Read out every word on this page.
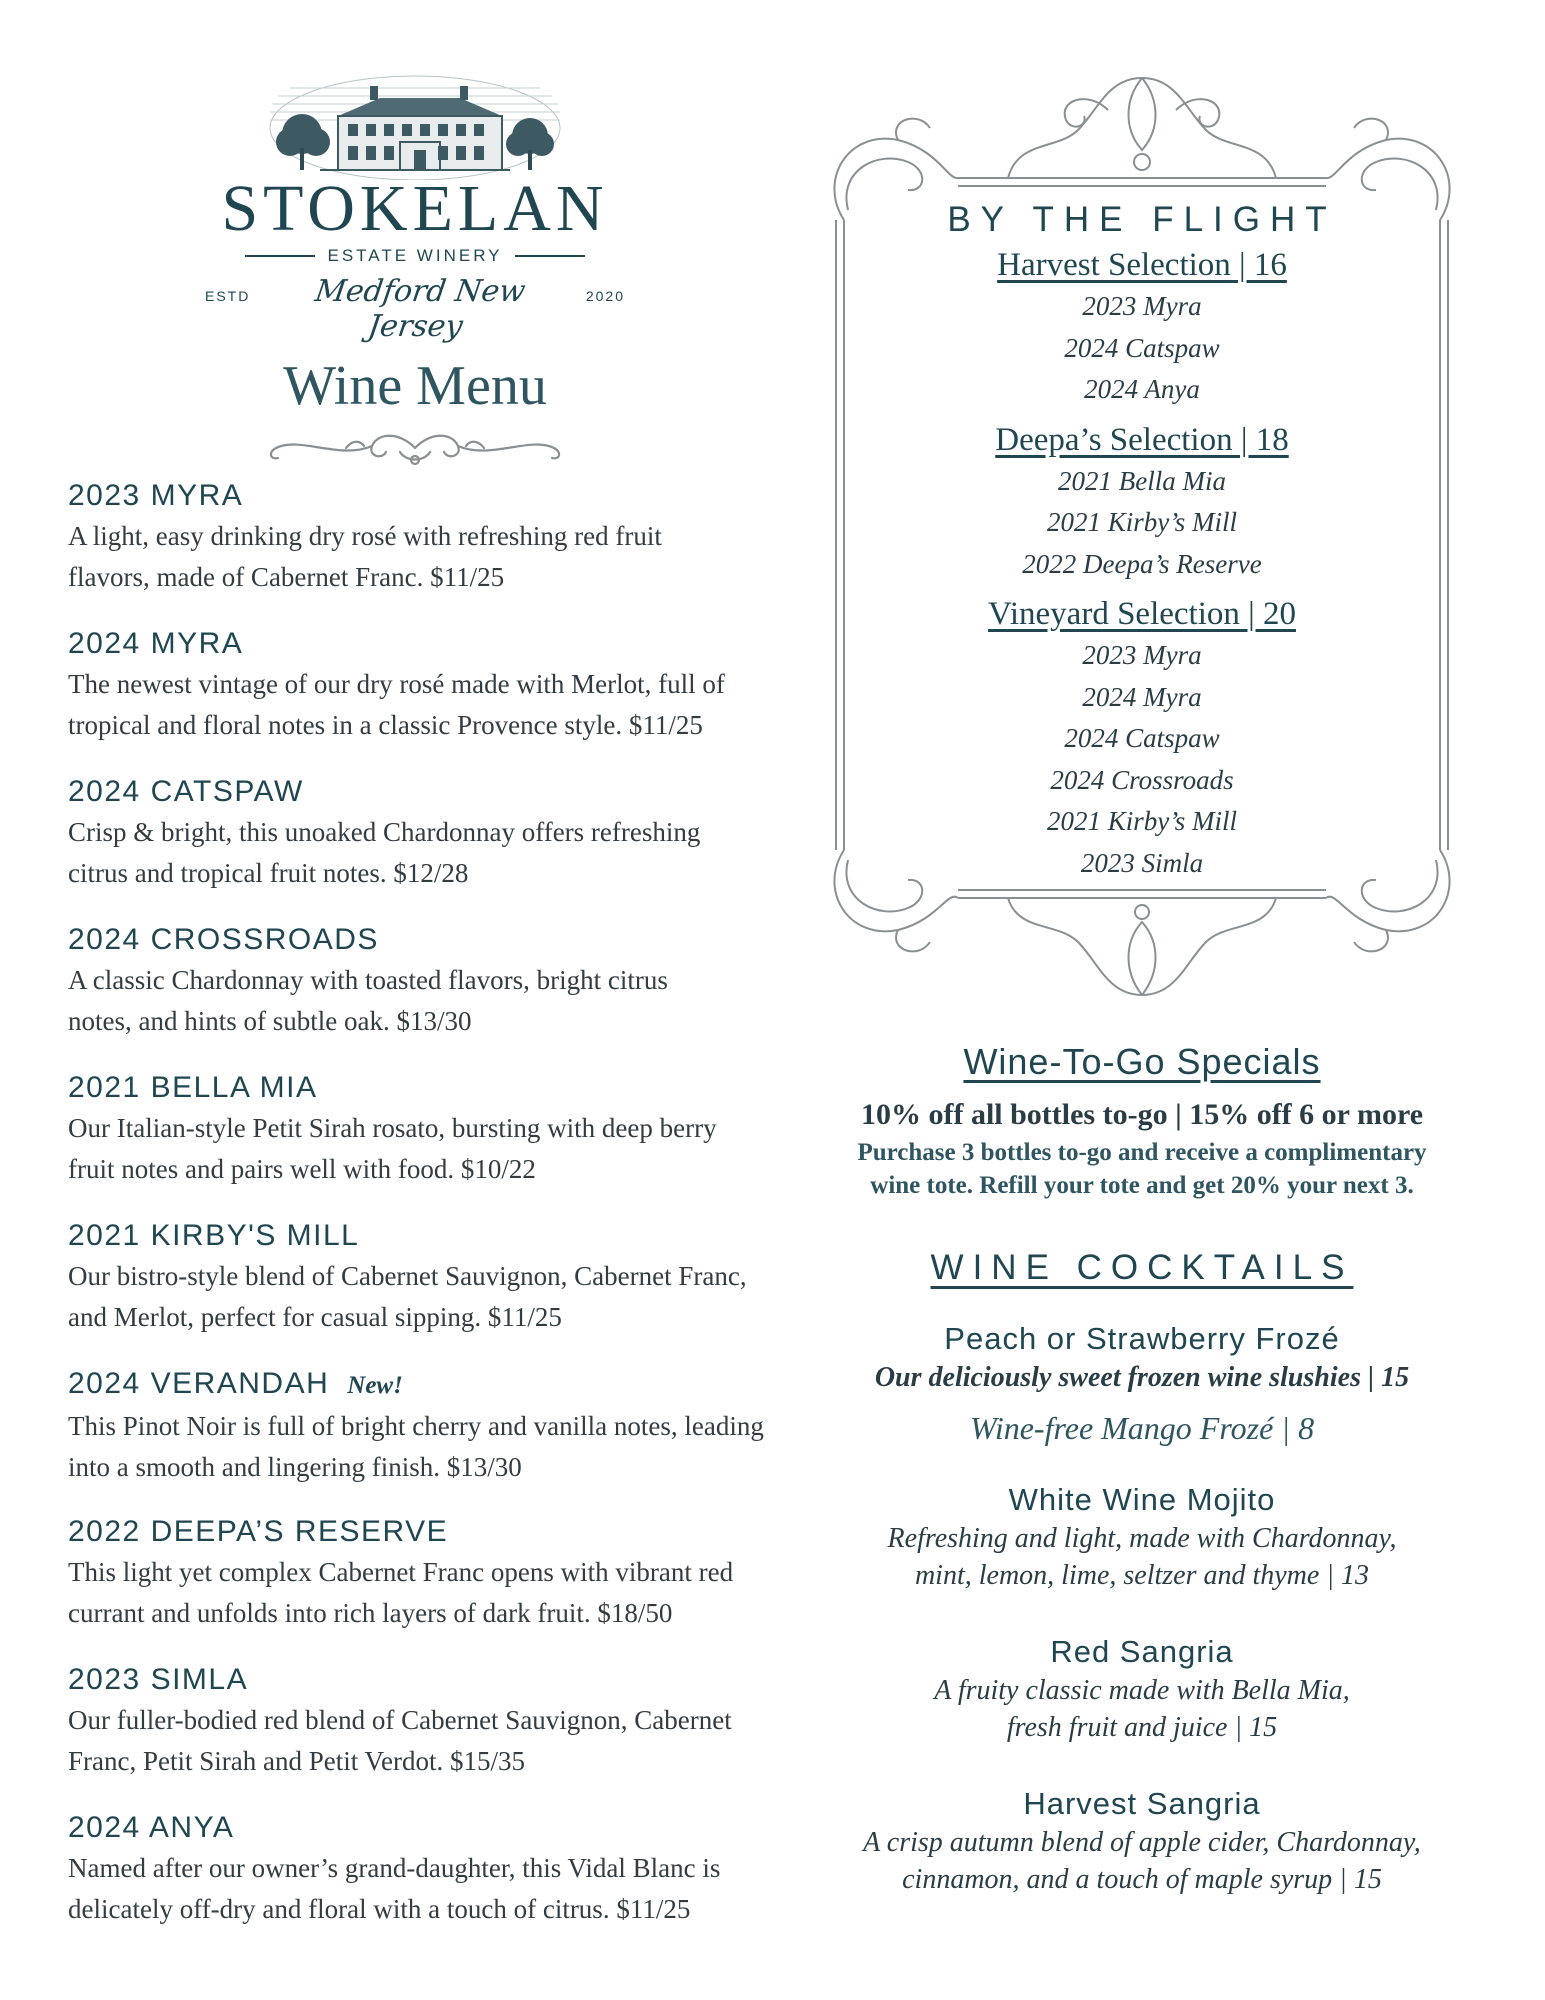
STOKELAN
ESTATE WINERY
ESTD	Medford New Jersey
2020
Wine Menu
2023 MYRA
A light, easy drinking dry rosé with refreshing red fruit flavors, made of Cabernet Franc. $11/25
2024 MYRA
The newest vintage of our dry rosé made with Merlot, full of tropical and floral notes in a classic Provence style. $11/25
2024 CATSPAW
Crisp & bright, this unoaked Chardonnay offers refreshing citrus and tropical fruit notes. $12/28
2024 CROSSROADS
A classic Chardonnay with toasted flavors, bright citrus notes, and hints of subtle oak. $13/30
2021 BELLA MIA
Our Italian-style Petit Sirah rosato, bursting with deep berry fruit notes and pairs well with food. $10/22
2021 KIRBY'S MILL
Our bistro-style blend of Cabernet Sauvignon, Cabernet Franc, and Merlot, perfect for casual sipping. $11/25
2024 VERANDAH New!
This Pinot Noir is full of bright cherry and vanilla notes, leading into a smooth and lingering finish. $13/30
2022 DEEPA’S RESERVE
This light yet complex Cabernet Franc opens with vibrant red currant and unfolds into rich layers of dark fruit. $18/50
2023 SIMLA
Our fuller-bodied red blend of Cabernet Sauvignon, Cabernet Franc, Petit Sirah and Petit Verdot. $15/35
2024 ANYA
Named after our owner’s grand-daughter, this Vidal Blanc is delicately off-dry and floral with a touch of citrus. $11/25
BY THE FLIGHT
Harvest Selection | 16
2023 Myra
2024 Catspaw
2024 Anya
Deepa’s Selection | 18
2021 Bella Mia
2021 Kirby’s Mill
2022 Deepa’s Reserve
Vineyard Selection | 20
2023 Myra
2024 Myra
2024 Catspaw
2024 Crossroads
2021 Kirby’s Mill
2023 Simla
Wine-To-Go Specials
10% off all bottles to-go | 15% off 6 or more
Purchase 3 bottles to-go and receive a complimentary
wine tote. Refill your tote and get 20% your next 3.
WINE COCKTAILS
Peach or Strawberry Frozé
Our deliciously sweet frozen wine slushies | 15
Wine-free Mango Frozé | 8
White Wine Mojito
Refreshing and light, made with Chardonnay,
mint, lemon, lime, seltzer and thyme | 13
Red Sangria
A fruity classic made with Bella Mia,
fresh fruit and juice | 15
Harvest Sangria
A crisp autumn blend of apple cider, Chardonnay,
cinnamon, and a touch of maple syrup | 15
